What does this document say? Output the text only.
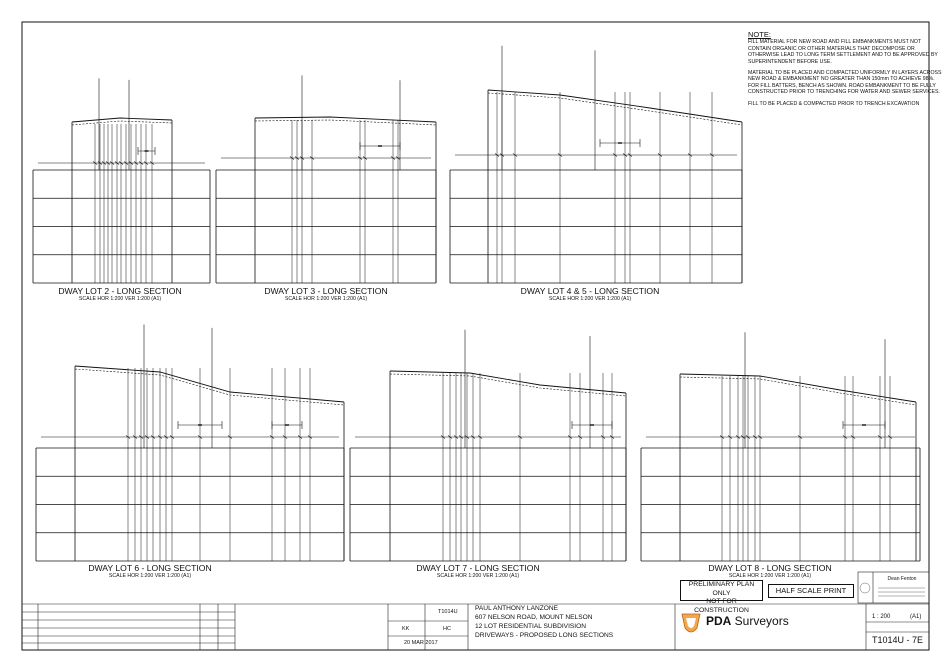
DWAY LOT 2 - LONG SECTION
SCALE HOR 1:200 VER 1:200 (A1)
DWAY LOT 3 - LONG SECTION
SCALE HOR 1:200 VER 1:200 (A1)
DWAY LOT 4 & 5 - LONG SECTION
SCALE HOR 1:200 VER 1:200 (A1)
DWAY LOT 6 - LONG SECTION
SCALE HOR 1:200 VER 1:200 (A1)
DWAY LOT 7 - LONG SECTION
SCALE HOR 1:200 VER 1:200 (A1)
DWAY LOT 8 - LONG SECTION
SCALE HOR 1:200 VER 1:200 (A1)
NOTE:

FILL MATERIAL FOR NEW ROAD AND FILL EMBANKMENTS MUST NOT CONTAIN ORGANIC OR OTHER MATERIALS THAT DECOMPOSE OR OTHERWISE LEAD TO LONG TERM SETTLEMENT AND TO BE APPROVED BY SUPERINTENDENT BEFORE USE.

MATERIAL TO BE PLACED AND COMPACTED UNIFORMLY IN LAYERS ACROSS NEW ROAD & EMBANKMENT NO GREATER THAN 150mm TO ACHIEVE 98%. FOR FILL BATTERS, BENCH AS SHOWN. ROAD EMBANKMENT TO BE FULLY CONSTRUCTED PRIOR TO TRENCHING FOR WATER AND SEWER SERVICES.

FILL TO BE PLACED & COMPACTED PRIOR TO TRENCH EXCAVATION

PRELIMINARY PLAN ONLY
NOT FOR CONSTRUCTION
HALF SCALE PRINT
Dean Fenton
T1014U
KK	HC
20 MAR 2017
PAUL ANTHONY LANZONE
607 NELSON ROAD, MOUNT NELSON
12 LOT RESIDENTIAL SUBDIVISION
DRIVEWAYS - PROPOSED LONG SECTIONS
PDA Surveyors	1 : 200	(A1)
T1014U - 7E
